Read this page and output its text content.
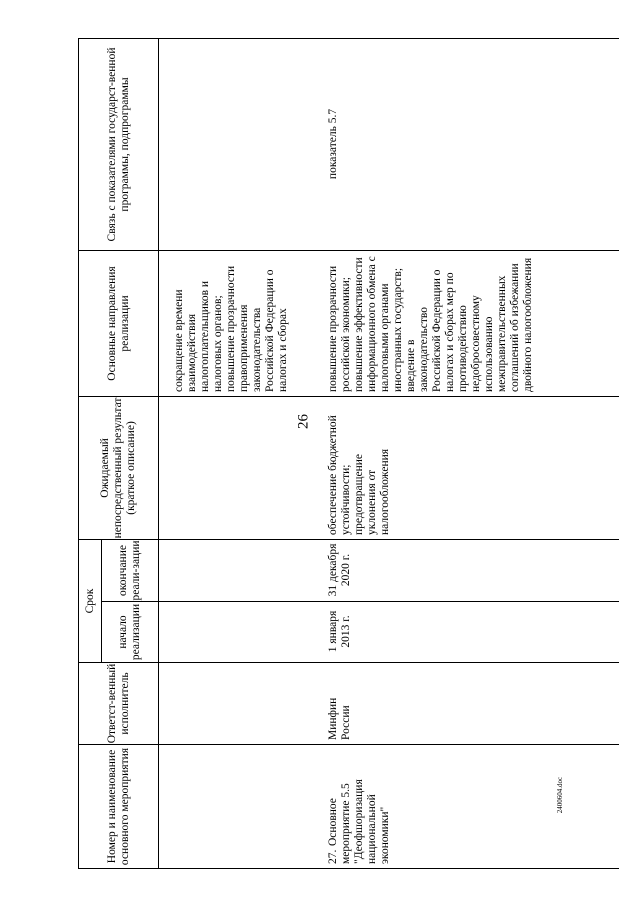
26
Номер и наименование основного мероприятия	Ответст-венный исполнитель	Срок		Ожидаемый непосредственный результат (краткое описание)	Основные направления реализации	Связь с показателями государст-венной программы, подпрограммы
		начало реализации	окончание реали-зации			

					сокращение времени взаимодействия налогоплательщиков и налоговых органов; повышение прозрачности правоприменения законодательства Российской Федерации о налогах и сборах	

27.Основное мероприятие 5.5 "Деофшоризация национальной экономики"	Минфин России	1 января 2013 г.	31 декабря 2020 г.	обеспечение бюджетной устойчивости; предотвращение уклонения от налогообложения	повышение прозрачности российской экономики; повышение эффективности информационного обмена с налоговыми органами иностранных государств; введение в законодательство Российской Федерации о налогах и сборах мер по противодействию недобросовестному использованию межправительственных соглашений об избежании двойного налогообложения	показатель 5.7
2400604.doc
